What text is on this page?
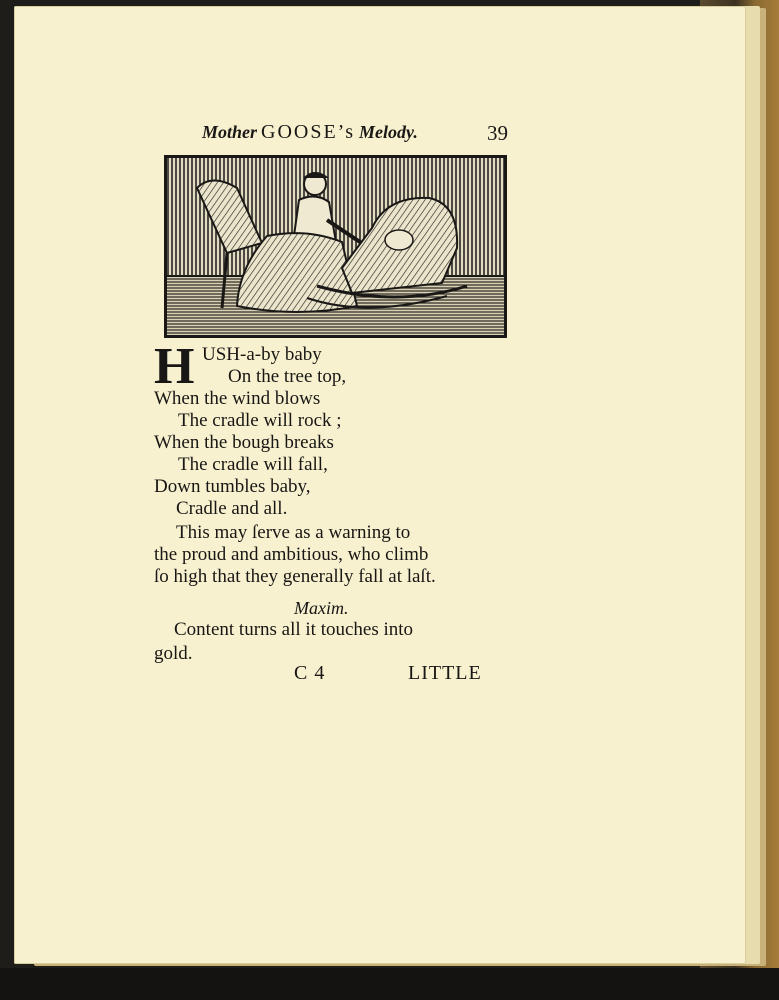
Mother GOOSE’s Melody.	39
H USH-a-by baby
On the tree top,
When the wind blows
The cradle will rock ;
When the bough breaks
The cradle will fall,
Down tumbles baby,
Cradle and all.
This may ſerve as a warning to
the proud and ambitious, who climb
ſo high that they generally fall at laſt.
Maxim.
Content turns all it touches into
gold.
C 4	LITTLE
